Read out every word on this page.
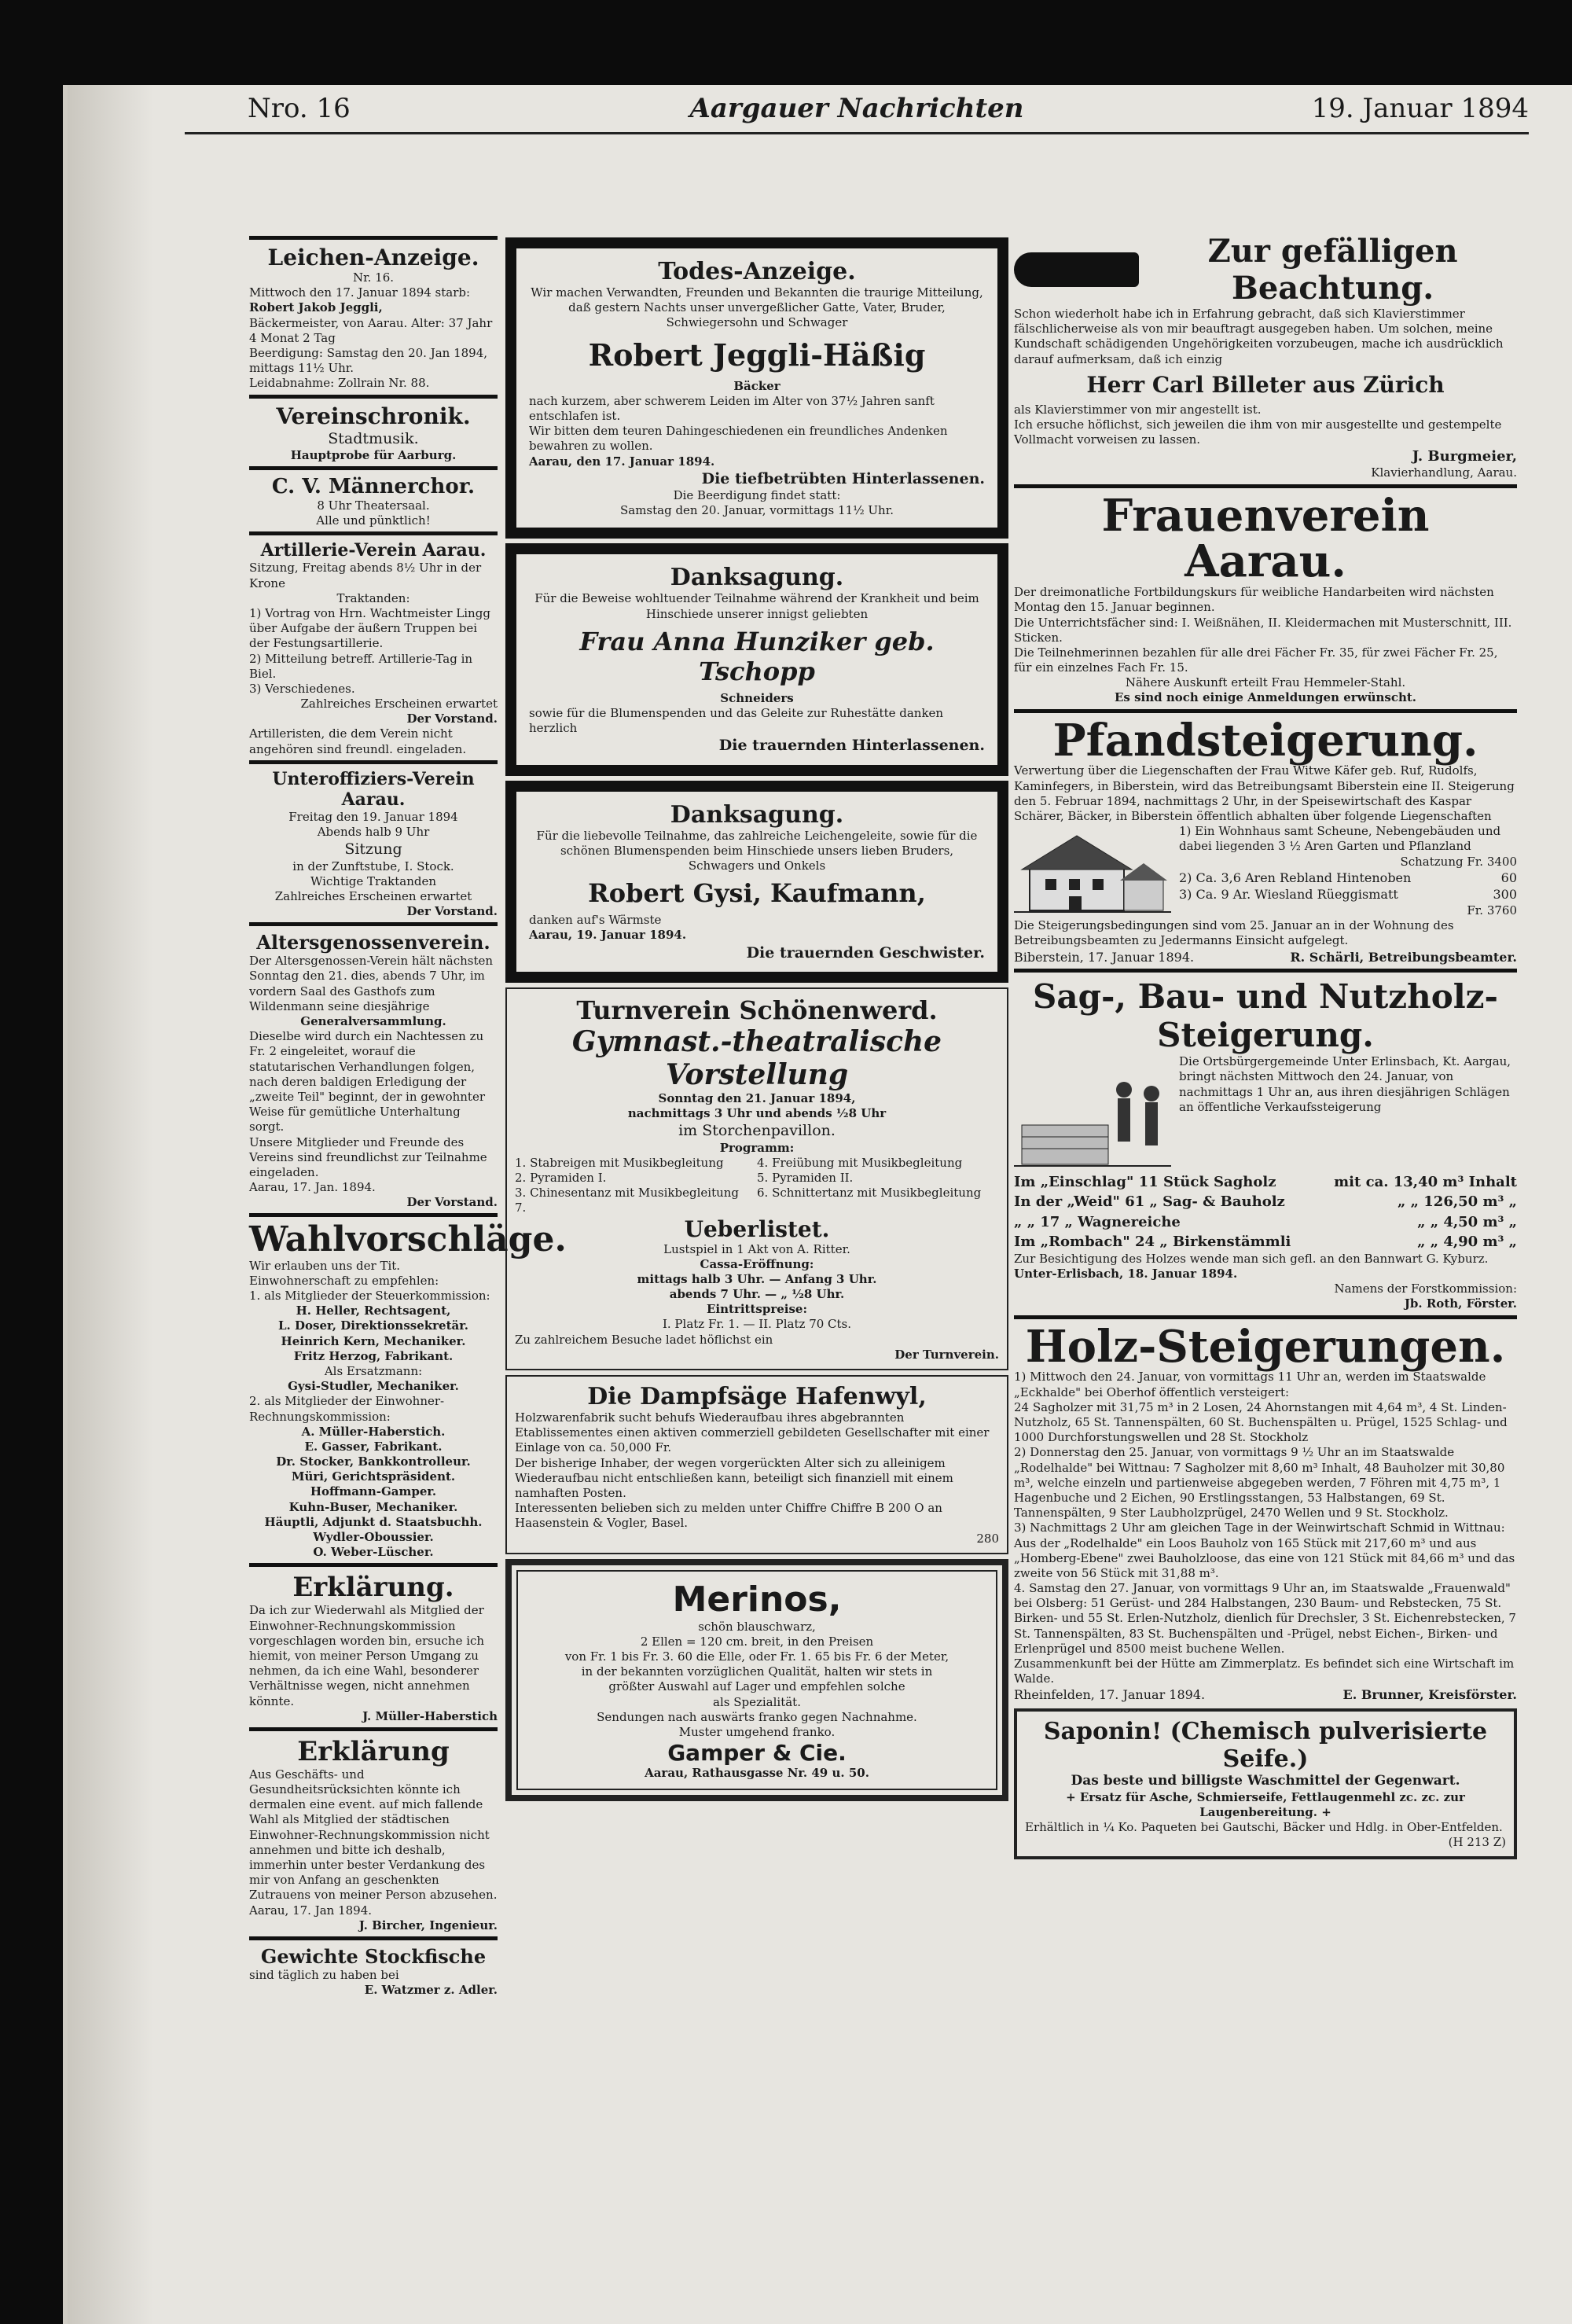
Nro. 16	Aargauer Nachrichten	19. Januar 1894
Leichen-Anzeige.

Nr. 16.

Mittwoch den 17. Januar 1894 starb:

Robert Jakob Jeggli,

Bäckermeister, von Aarau. Alter: 37 Jahr 4 Monat 2 Tag

Beerdigung: Samstag den 20. Jan 1894, mittags 11½ Uhr.

Leidabnahme: Zollrain Nr. 88.

Vereinschronik.

Stadtmusik.

Hauptprobe für Aarburg.

C. V. Männerchor.

8 Uhr Theatersaal.

Alle und pünktlich!

Artillerie-Verein Aarau.

Sitzung, Freitag abends 8½ Uhr in der Krone

Traktanden:

1) Vortrag von Hrn. Wachtmeister Lingg über Aufgabe der äußern Truppen bei der Festungsartillerie.

2) Mitteilung betreff. Artillerie-Tag in Biel.

3) Verschiedenes.

Zahlreiches Erscheinen erwartet

Der Vorstand.

Artilleristen, die dem Verein nicht angehören sind freundl. eingeladen.

Unteroffiziers-Verein Aarau.

Freitag den 19. Januar 1894

Abends halb 9 Uhr

Sitzung

in der Zunftstube, I. Stock.

Wichtige Traktanden

Zahlreiches Erscheinen erwartet

Der Vorstand.

Altersgenossenverein.

Der Altersgenossen-Verein hält nächsten Sonntag den 21. dies, abends 7 Uhr, im vordern Saal des Gasthofs zum Wildenmann seine diesjährige

Generalversammlung.

Dieselbe wird durch ein Nachtessen zu Fr. 2 eingeleitet, worauf die statutarischen Verhandlungen folgen, nach deren baldigen Erledigung der „zweite Teil" beginnt, der in gewohnter Weise für gemütliche Unterhaltung sorgt.

Unsere Mitglieder und Freunde des Vereins sind freundlichst zur Teilnahme eingeladen.

Aarau, 17. Jan. 1894.

Der Vorstand.

Wahlvorschläge.

Wir erlauben uns der Tit. Einwohnerschaft zu empfehlen:

1. als Mitglieder der Steuerkommission:

H. Heller, Rechtsagent,

L. Doser, Direktionssekretär.

Heinrich Kern, Mechaniker.

Fritz Herzog, Fabrikant.

Als Ersatzmann:

Gysi-Studler, Mechaniker.

2. als Mitglieder der Einwohner-Rechnungskommission:

A. Müller-Haberstich.

E. Gasser, Fabrikant.

Dr. Stocker, Bankkontrolleur.

Müri, Gerichtspräsident.

Hoffmann-Gamper.

Kuhn-Buser, Mechaniker.

Häuptli, Adjunkt d. Staatsbuchh.

Wydler-Oboussier.

O. Weber-Lüscher.

Erklärung.

Da ich zur Wiederwahl als Mitglied der Einwohner-Rechnungskommission vorgeschlagen worden bin, ersuche ich hiemit, von meiner Person Umgang zu nehmen, da ich eine Wahl, besonderer Verhältnisse wegen, nicht annehmen könnte.

J. Müller-Haberstich

Erklärung

Aus Geschäfts- und Gesundheitsrücksichten könnte ich dermalen eine event. auf mich fallende Wahl als Mitglied der städtischen Einwohner-Rechnungskommission nicht annehmen und bitte ich deshalb, immerhin unter bester Verdankung des mir von Anfang an geschenkten Zutrauens von meiner Person abzusehen.

Aarau, 17. Jan 1894.

J. Bircher, Ingenieur.

Gewichte Stockfische

sind täglich zu haben bei

E. Watzmer z. Adler.

Todes-Anzeige.

Wir machen Verwandten, Freunden und Bekannten die traurige Mitteilung, daß gestern Nachts unser unvergeßlicher Gatte, Vater, Bruder, Schwiegersohn und Schwager

Robert Jeggli-Häßig

Bäcker

nach kurzem, aber schwerem Leiden im Alter von 37½ Jahren sanft entschlafen ist.

Wir bitten dem teuren Dahingeschiedenen ein freundliches Andenken bewahren zu wollen.

Aarau, den 17. Januar 1894.

Die tiefbetrübten Hinterlassenen.

Die Beerdigung findet statt:

Samstag den 20. Januar, vormittags 11½ Uhr.

Danksagung.

Für die Beweise wohltuender Teilnahme während der Krankheit und beim Hinschiede unserer innigst geliebten

Frau Anna Hunziker geb. Tschopp

Schneiders

sowie für die Blumenspenden und das Geleite zur Ruhestätte danken herzlich

Die trauernden Hinterlassenen.

Danksagung.

Für die liebevolle Teilnahme, das zahlreiche Leichengeleite, sowie für die schönen Blumenspenden beim Hinschiede unsers lieben Bruders, Schwagers und Onkels

Robert Gysi, Kaufmann,

danken auf's Wärmste

Aarau, 19. Januar 1894.

Die trauernden Geschwister.

Turnverein Schönenwerd.
Gymnast.-theatralische Vorstellung

Sonntag den 21. Januar 1894,

nachmittags 3 Uhr und abends ½8 Uhr

im Storchenpavillon.

Programm:

1. Stabreigen mit Musikbegleitung

2. Pyramiden I.

3. Chinesentanz mit Musikbegleitung

4. Freiübung mit Musikbegleitung

5. Pyramiden II.

6. Schnittertanz mit Musikbegleitung

7.

Ueberlistet.

Lustspiel in 1 Akt von A. Ritter.

Cassa-Eröffnung:

mittags halb 3 Uhr. — Anfang 3 Uhr.

abends 7 Uhr. — „ ½8 Uhr.

Eintrittspreise:

I. Platz Fr. 1. — II. Platz 70 Cts.

Zu zahlreichem Besuche ladet höflichst ein

Der Turnverein.

Die Dampfsäge Hafenwyl,

Holzwarenfabrik sucht behufs Wiederaufbau ihres abgebrannten Etablissementes einen aktiven commerziell gebildeten Gesellschafter mit einer Einlage von ca. 50,000 Fr.

Der bisherige Inhaber, der wegen vorgerückten Alter sich zu alleinigem Wiederaufbau nicht entschließen kann, beteiligt sich finanziell mit einem namhaften Posten.

Interessenten belieben sich zu melden unter Chiffre Chiffre B 200 O an Haasenstein & Vogler, Basel.

280

Merinos,

schön blauschwarz,

2 Ellen = 120 cm. breit, in den Preisen

von Fr. 1 bis Fr. 3. 60 die Elle, oder Fr. 1. 65 bis Fr. 6 der Meter,

in der bekannten vorzüglichen Qualität, halten wir stets in

größter Auswahl auf Lager und empfehlen solche

als Spezialität.

Sendungen nach auswärts franko gegen Nachnahme.

Muster umgehend franko.

Gamper & Cie.

Aarau, Rathausgasse Nr. 49 u. 50.

Zur gefälligen Beachtung.

Schon wiederholt habe ich in Erfahrung gebracht, daß sich Klavierstimmer fälschlicherweise als von mir beauftragt ausgegeben haben. Um solchen, meine Kundschaft schädigenden Ungehörigkeiten vorzubeugen, mache ich ausdrücklich darauf aufmerksam, daß ich einzig

Herr Carl Billeter aus Zürich

als Klavierstimmer von mir angestellt ist.

Ich ersuche höflichst, sich jeweilen die ihm von mir ausgestellte und gestempelte Vollmacht vorweisen zu lassen.

J. Burgmeier,

Klavierhandlung, Aarau.

Frauenverein Aarau.

Der dreimonatliche Fortbildungskurs für weibliche Handarbeiten wird nächsten Montag den 15. Januar beginnen.

Die Unterrichtsfächer sind: I. Weißnähen, II. Kleidermachen mit Musterschnitt, III. Sticken.

Die Teilnehmerinnen bezahlen für alle drei Fächer Fr. 35, für zwei Fächer Fr. 25, für ein einzelnes Fach Fr. 15.

Nähere Auskunft erteilt Frau Hemmeler-Stahl.

Es sind noch einige Anmeldungen erwünscht.

Pfandsteigerung.

Verwertung über die Liegenschaften der Frau Witwe Käfer geb. Ruf, Rudolfs, Kaminfegers, in Biberstein, wird das Betreibungsamt Biberstein eine II. Steigerung den 5. Februar 1894, nachmittags 2 Uhr, in der Speisewirtschaft des Kaspar Schärer, Bäcker, in Biberstein öffentlich abhalten über folgende Liegenschaften

1) Ein Wohnhaus samt Scheune, Nebengebäuden und dabei liegenden 3 ½ Aren Garten und Pflanzland

Schatzung Fr. 3400

2) Ca. 3,6 Aren Rebland Hintenoben	60
3) Ca. 9 Ar. Wiesland Rüeggismatt	300

Fr. 3760

Die Steigerungsbedingungen sind vom 25. Januar an in der Wohnung des Betreibungsbeamten zu Jedermanns Einsicht aufgelegt.

Biberstein, 17. Januar 1894.	R. Schärli, Betreibungsbeamter.
Sag-, Bau- und Nutzholz-Steigerung.

Die Ortsbürgergemeinde Unter Erlinsbach, Kt. Aargau, bringt nächsten Mittwoch den 24. Januar, von nachmittags 1 Uhr an, aus ihren diesjährigen Schlägen an öffentliche Verkaufssteigerung

Im „Einschlag" 11 Stück Sagholz	mit ca. 13,40 m³ Inhalt
In der „Weid" 61 „ Sag- & Bauholz	„ „ 126,50 m³ „
„ „ 17 „ Wagnereiche	„ „ 4,50 m³ „
Im „Rombach" 24 „ Birkenstämmli	„ „ 4,90 m³ „

Zur Besichtigung des Holzes wende man sich gefl. an den Bannwart G. Kyburz.

Unter-Erlisbach, 18. Januar 1894.

Namens der Forstkommission:

Jb. Roth, Förster.

Holz-Steigerungen.

1) Mittwoch den 24. Januar, von vormittags 11 Uhr an, werden im Staatswalde „Eckhalde" bei Oberhof öffentlich versteigert:

24 Sagholzer mit 31,75 m³ in 2 Losen, 24 Ahornstangen mit 4,64 m³, 4 St. Linden-Nutzholz, 65 St. Tannenspälten, 60 St. Buchenspälten u. Prügel, 1525 Schlag- und 1000 Durchforstungswellen und 28 St. Stockholz

2) Donnerstag den 25. Januar, von vormittags 9 ½ Uhr an im Staatswalde „Rodelhalde" bei Wittnau: 7 Sagholzer mit 8,60 m³ Inhalt, 48 Bauholzer mit 30,80 m³, welche einzeln und partienweise abgegeben werden, 7 Föhren mit 4,75 m³, 1 Hagenbuche und 2 Eichen, 90 Erstlingsstangen, 53 Halbstangen, 69 St. Tannenspälten, 9 Ster Laubholzprügel, 2470 Wellen und 9 St. Stockholz.

3) Nachmittags 2 Uhr am gleichen Tage in der Weinwirtschaft Schmid in Wittnau: Aus der „Rodelhalde" ein Loos Bauholz von 165 Stück mit 217,60 m³ und aus „Homberg-Ebene" zwei Bauholzloose, das eine von 121 Stück mit 84,66 m³ und das zweite von 56 Stück mit 31,88 m³.

4. Samstag den 27. Januar, von vormittags 9 Uhr an, im Staatswalde „Frauenwald" bei Olsberg: 51 Gerüst- und 284 Halbstangen, 230 Baum- und Rebstecken, 75 St. Birken- und 55 St. Erlen-Nutzholz, dienlich für Drechsler, 3 St. Eichenrebstecken, 7 St. Tannenspälten, 83 St. Buchenspälten und -Prügel, nebst Eichen-, Birken- und Erlenprügel und 8500 meist buchene Wellen.

Zusammenkunft bei der Hütte am Zimmerplatz. Es befindet sich eine Wirtschaft im Walde.

Rheinfelden, 17. Januar 1894.	E. Brunner, Kreisförster.
Saponin! (Chemisch pulverisierte Seife.)

Das beste und billigste Waschmittel der Gegenwart.

+ Ersatz für Asche, Schmierseife, Fettlaugenmehl zc. zc. zur Laugenbereitung. +

Erhältlich in ¼ Ko. Paqueten bei Gautschi, Bäcker und Hdlg. in Ober-Entfelden.

(H 213 Z)
